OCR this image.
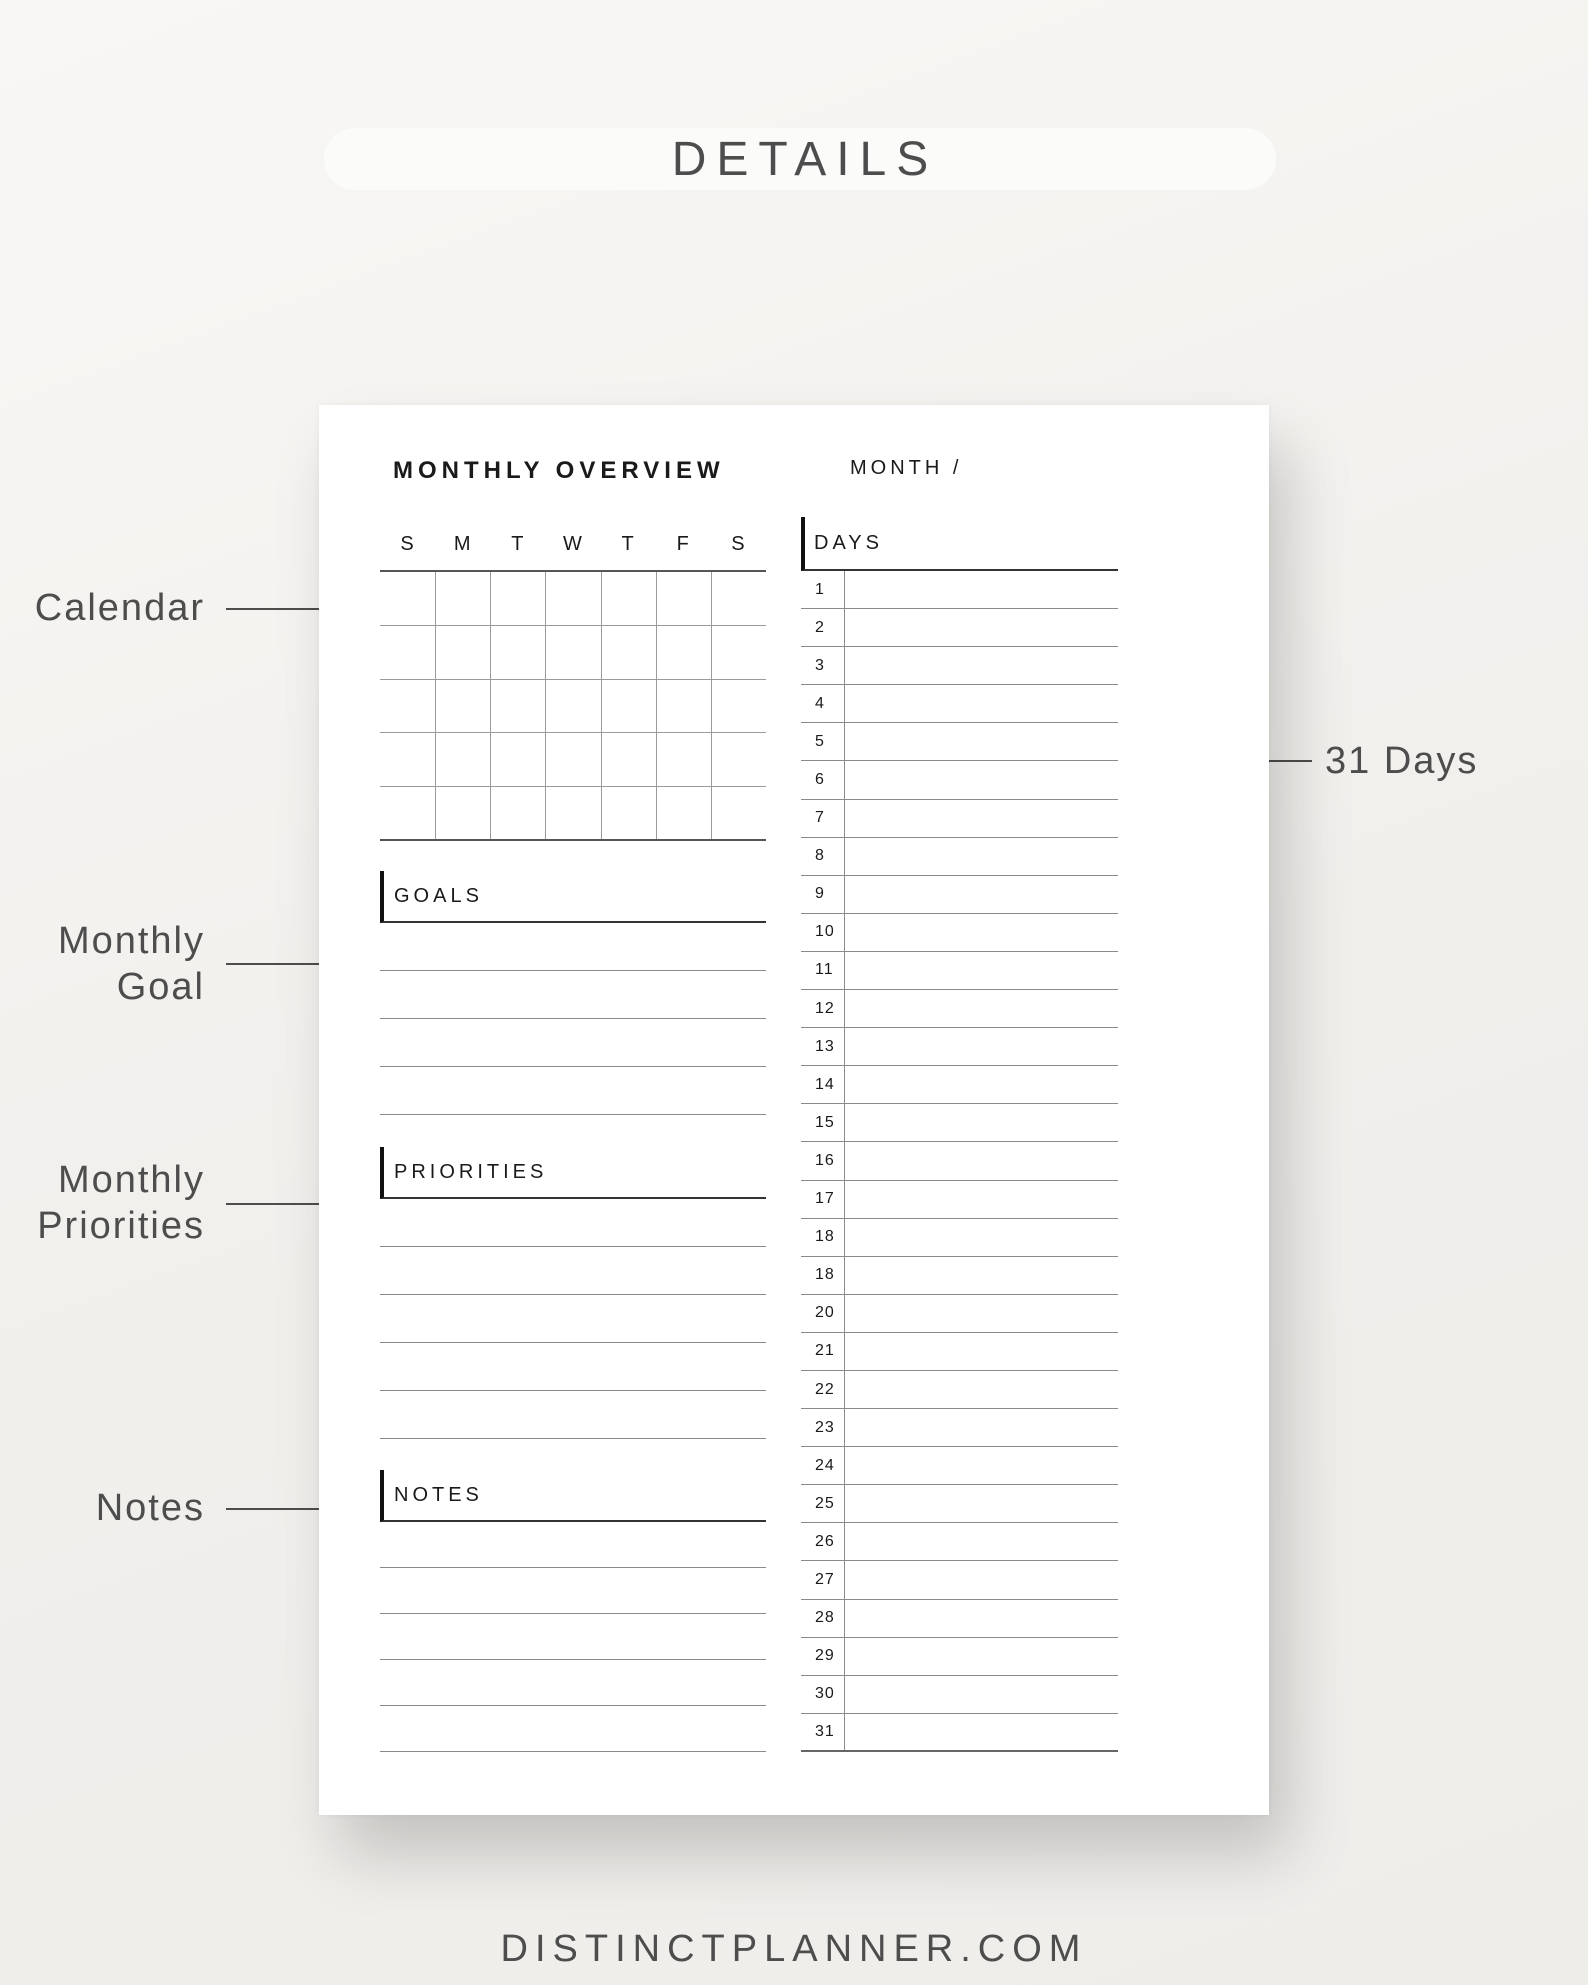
DETAILS
Calendar
Monthly
Goal
Monthly
Priorities
Notes
31 Days
MONTHLY OVERVIEW	MONTH /
S	M	T	W	T	F	S
GOALS
PRIORITIES
NOTES
DAYS
1
2
3
4
5
6
7
8
9
10
11
12
13
14
15
16
17
18
18
20
21
22
23
24
25
26
27
28
29
30
31
DISTINCTPLANNER.COM
